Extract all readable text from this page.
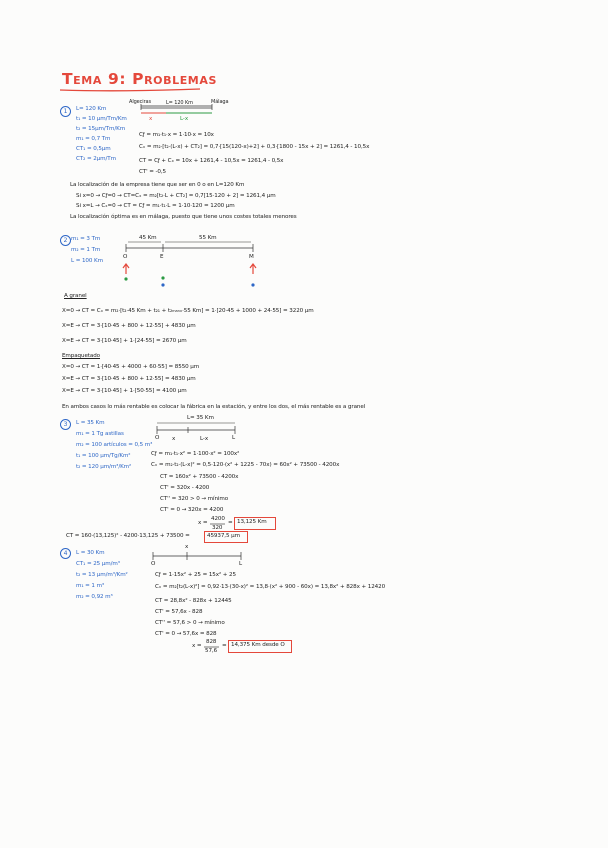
Tema 9: Problemas
1	L= 120 Km
t₁ = 10 µm/Tm/Km
t₂ = 15µm/Tm/Km
m₁ = 0,7 Tm
CT₁ = 0,5µm
CT₂ = 2µm/Tm
Algeciras	Málaga
L= 120 Km
x	L-x
Cƒ = m₁·t₁·x = 1·10·x = 10x
Cₓ = m₂·[t₂·(L-x) + CT₂] = 0,7·[15(120-x)+2] + 0,3·[1800 - 15x + 2] = 1261,4 - 10,5x
CT = Cƒ + Cₓ = 10x + 1261,4 - 10,5x = 1261,4 - 0,5x
CT' = -0,5
La localización de la empresa tiene que ser en 0 o en L=120 Km
Si x=0 → Cƒ=0 → CT=Cₓ = m₂[t₂·L + CT₂] = 0,7[15·120 + 2] = 1261,4 µm
Si x=L → Cₓ=0 → CT = Cƒ = m₁·t₁·L = 1·10·120 = 1200 µm
La localización óptima es en málaga, puesto que tiene unos costes totales menores
2 m₁ = 3 Tm
m₂ = 1 Tm
L = 100 Km
45 Km	55 Km
O	E	M
A granel
X=0 → CT = Cₓ = m₂·[t₂·45 Km + t₂₁ + t₂ₘₐₙₓ·55 Km] = 1·[20·45 + 1000 + 24·55] = 3220 µm
X=E → CT = 3·[10·45 + 800 + 12·55] + 4830 µm
X=E → CT = 3·[10·45] + 1·[24·55] = 2670 µm
Empaquetado
X=0 → CT = 1·[40·45 + 4000 + 60·55] = 8550 µm
X=E → CT = 3·[10·45 + 800 + 12·55] = 4830 µm
X=E → CT = 3·[10·45] + 1·[50·55] = 4100 µm
En ambos casos lo más rentable es colocar la fábrica en la estación, y entre los dos, el más rentable es a granel
3	L = 35 Km
m₁ = 1 Tg astillas
m₂ = 100 artículos = 0,5 m³
t₁ = 100 µm/Tg/Km²
t₂ = 120 µm/m³/Km²
L= 35 Km
O x	L-x	L
Cƒ = m₁·t₁·x² = 1·100·x² = 100x²
Cₓ = m₂·t₂·(L-x)² = 0,5·120·(x² + 1225 - 70x) = 60x² + 73500 - 4200x
CT = 160x² + 73500 - 4200x
CT' = 320x - 4200
CT'' = 320 > 0 → mínimo
CT' = 0 → 320x = 4200
x =
4200
320
= 13,125 Km
CT = 160·(13,125)² - 4200·13,125 + 73500 =	45937,5 µm
4	L = 30 Km
CT₁ = 25 µm/m³
t₂ = 13 µm/m³/Km²
m₁ = 1 m³
m₂ = 0,92 m³
x
O	L
Cƒ = 1·15x² + 25 = 15x² + 25
Cₓ = m₂[t₂(L-x)²] = 0,92·13·(30-x)² = 13,8·(x² + 900 - 60x) = 13,8x² + 828x + 12420
CT = 28,8x² - 828x + 12445
CT' = 57,6x - 828
CT'' = 57,6 > 0 → mínimo
CT' = 0 → 57,6x = 828
x =
828
57,6
= 14,375 Km desde O
